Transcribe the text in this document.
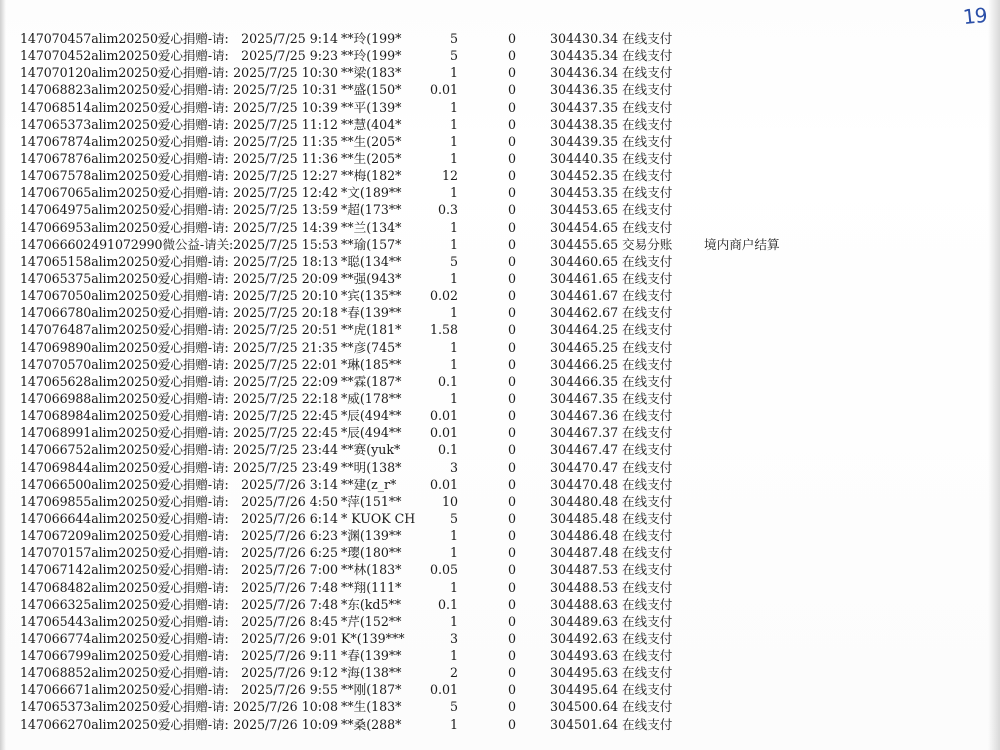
19
147070457alim20250爱心捐赠-请: 2025/7/25 9:14 **玲(199*	5	0	304430.34 在线支付
147070452alim20250爱心捐赠-请: 2025/7/25 9:23 **玲(199*	5	0	304435.34 在线支付
147070120alim20250爱心捐赠-请: 2025/7/25 10:30 **梁(183*	1	0	304436.34 在线支付
147068823alim20250爱心捐赠-请: 2025/7/25 10:31 **盛(150*	0.01	0	304436.35 在线支付
147068514alim20250爱心捐赠-请: 2025/7/25 10:39 **平(139*	1	0	304437.35 在线支付
147065373alim20250爱心捐赠-请: 2025/7/25 11:12 **慧(404*	1	0	304438.35 在线支付
147067874alim20250爱心捐赠-请: 2025/7/25 11:35 **生(205*	1	0	304439.35 在线支付
147067876alim20250爱心捐赠-请: 2025/7/25 11:36 **生(205*	1	0	304440.35 在线支付
147067578alim20250爱心捐赠-请: 2025/7/25 12:27 **梅(182*	12	0	304452.35 在线支付
147067065alim20250爱心捐赠-请: 2025/7/25 12:42 *文(189**	1	0	304453.35 在线支付
147064975alim20250爱心捐赠-请: 2025/7/25 13:59 *超(173**	0.3	0	304453.65 在线支付
147066953alim20250爱心捐赠-请: 2025/7/25 14:39 **兰(134*	1	0	304454.65 在线支付
147066602491072990微公益-请关: 2025/7/25 15:53 **瑜(157*	1	0	304455.65 交易分账	境内商户结算
147065158alim20250爱心捐赠-请: 2025/7/25 18:13 *聪(134**	5	0	304460.65 在线支付
147065375alim20250爱心捐赠-请: 2025/7/25 20:09 **强(943*	1	0	304461.65 在线支付
147067050alim20250爱心捐赠-请: 2025/7/25 20:10 *宾(135**	0.02	0	304461.67 在线支付
147066780alim20250爱心捐赠-请: 2025/7/25 20:18 *春(139**	1	0	304462.67 在线支付
147076487alim20250爱心捐赠-请: 2025/7/25 20:51 **虎(181*	1.58	0	304464.25 在线支付
147069890alim20250爱心捐赠-请: 2025/7/25 21:35 **彦(745*	1	0	304465.25 在线支付
147070570alim20250爱心捐赠-请: 2025/7/25 22:01 *琳(185**	1	0	304466.25 在线支付
147065628alim20250爱心捐赠-请: 2025/7/25 22:09 **霖(187*	0.1	0	304466.35 在线支付
147066988alim20250爱心捐赠-请: 2025/7/25 22:18 *威(178**	1	0	304467.35 在线支付
147068984alim20250爱心捐赠-请: 2025/7/25 22:45 *辰(494**	0.01	0	304467.36 在线支付
147068991alim20250爱心捐赠-请: 2025/7/25 22:45 *辰(494**	0.01	0	304467.37 在线支付
147066752alim20250爱心捐赠-请: 2025/7/25 23:44 **赛(yuk*	0.1	0	304467.47 在线支付
147069844alim20250爱心捐赠-请: 2025/7/25 23:49 **明(138*	3	0	304470.47 在线支付
147066500alim20250爱心捐赠-请: 2025/7/26 3:14 **建(z_r*	0.01	0	304470.48 在线支付
147069855alim20250爱心捐赠-请: 2025/7/26 4:50 *萍(151**	10	0	304480.48 在线支付
147066644alim20250爱心捐赠-请: 2025/7/26 6:14 * KUOK CH	5	0	304485.48 在线支付
147067209alim20250爱心捐赠-请: 2025/7/26 6:23 *渊(139**	1	0	304486.48 在线支付
147070157alim20250爱心捐赠-请: 2025/7/26 6:25 *璎(180**	1	0	304487.48 在线支付
147067142alim20250爱心捐赠-请: 2025/7/26 7:00 **林(183*	0.05	0	304487.53 在线支付
147068482alim20250爱心捐赠-请: 2025/7/26 7:48 **翔(111*	1	0	304488.53 在线支付
147066325alim20250爱心捐赠-请: 2025/7/26 7:48 *东(kd5**	0.1	0	304488.63 在线支付
147065443alim20250爱心捐赠-请: 2025/7/26 8:45 *芹(152**	1	0	304489.63 在线支付
147066774alim20250爱心捐赠-请: 2025/7/26 9:01 K*(139***	3	0	304492.63 在线支付
147066799alim20250爱心捐赠-请: 2025/7/26 9:11 *春(139**	1	0	304493.63 在线支付
147068852alim20250爱心捐赠-请: 2025/7/26 9:12 *海(138**	2	0	304495.63 在线支付
147066671alim20250爱心捐赠-请: 2025/7/26 9:55 **刚(187*	0.01	0	304495.64 在线支付
147065373alim20250爱心捐赠-请: 2025/7/26 10:08 **生(183*	5	0	304500.64 在线支付
147066270alim20250爱心捐赠-请: 2025/7/26 10:09 **桑(288*	1	0	304501.64 在线支付
